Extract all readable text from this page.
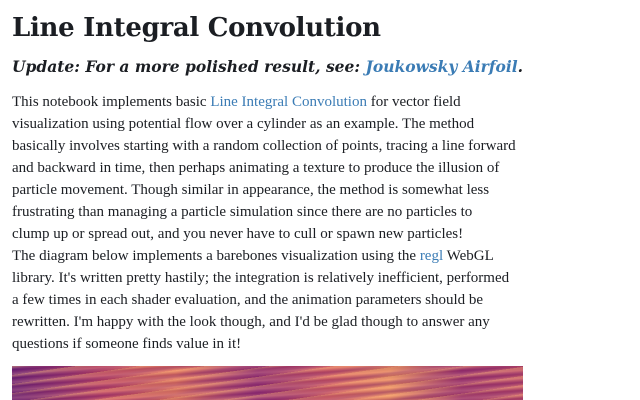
Line Integral Convolution

Update: For a more polished result, see: Joukowsky Airfoil.

This notebook implements basic Line Integral Convolution for vector field
visualization using potential flow over a cylinder as an example. The method
basically involves starting with a random collection of points, tracing a line forward
and backward in time, then perhaps animating a texture to produce the illusion of
particle movement. Though similar in appearance, the method is somewhat less
frustrating than managing a particle simulation since there are no particles to
clump up or spread out, and you never have to cull or spawn new particles!

The diagram below implements a barebones visualization using the regl WebGL
library. It's written pretty hastily; the integration is relatively inefficient, performed
a few times in each shader evaluation, and the animation parameters should be
rewritten. I'm happy with the look though, and I'd be glad though to answer any
questions if someone finds value in it!
